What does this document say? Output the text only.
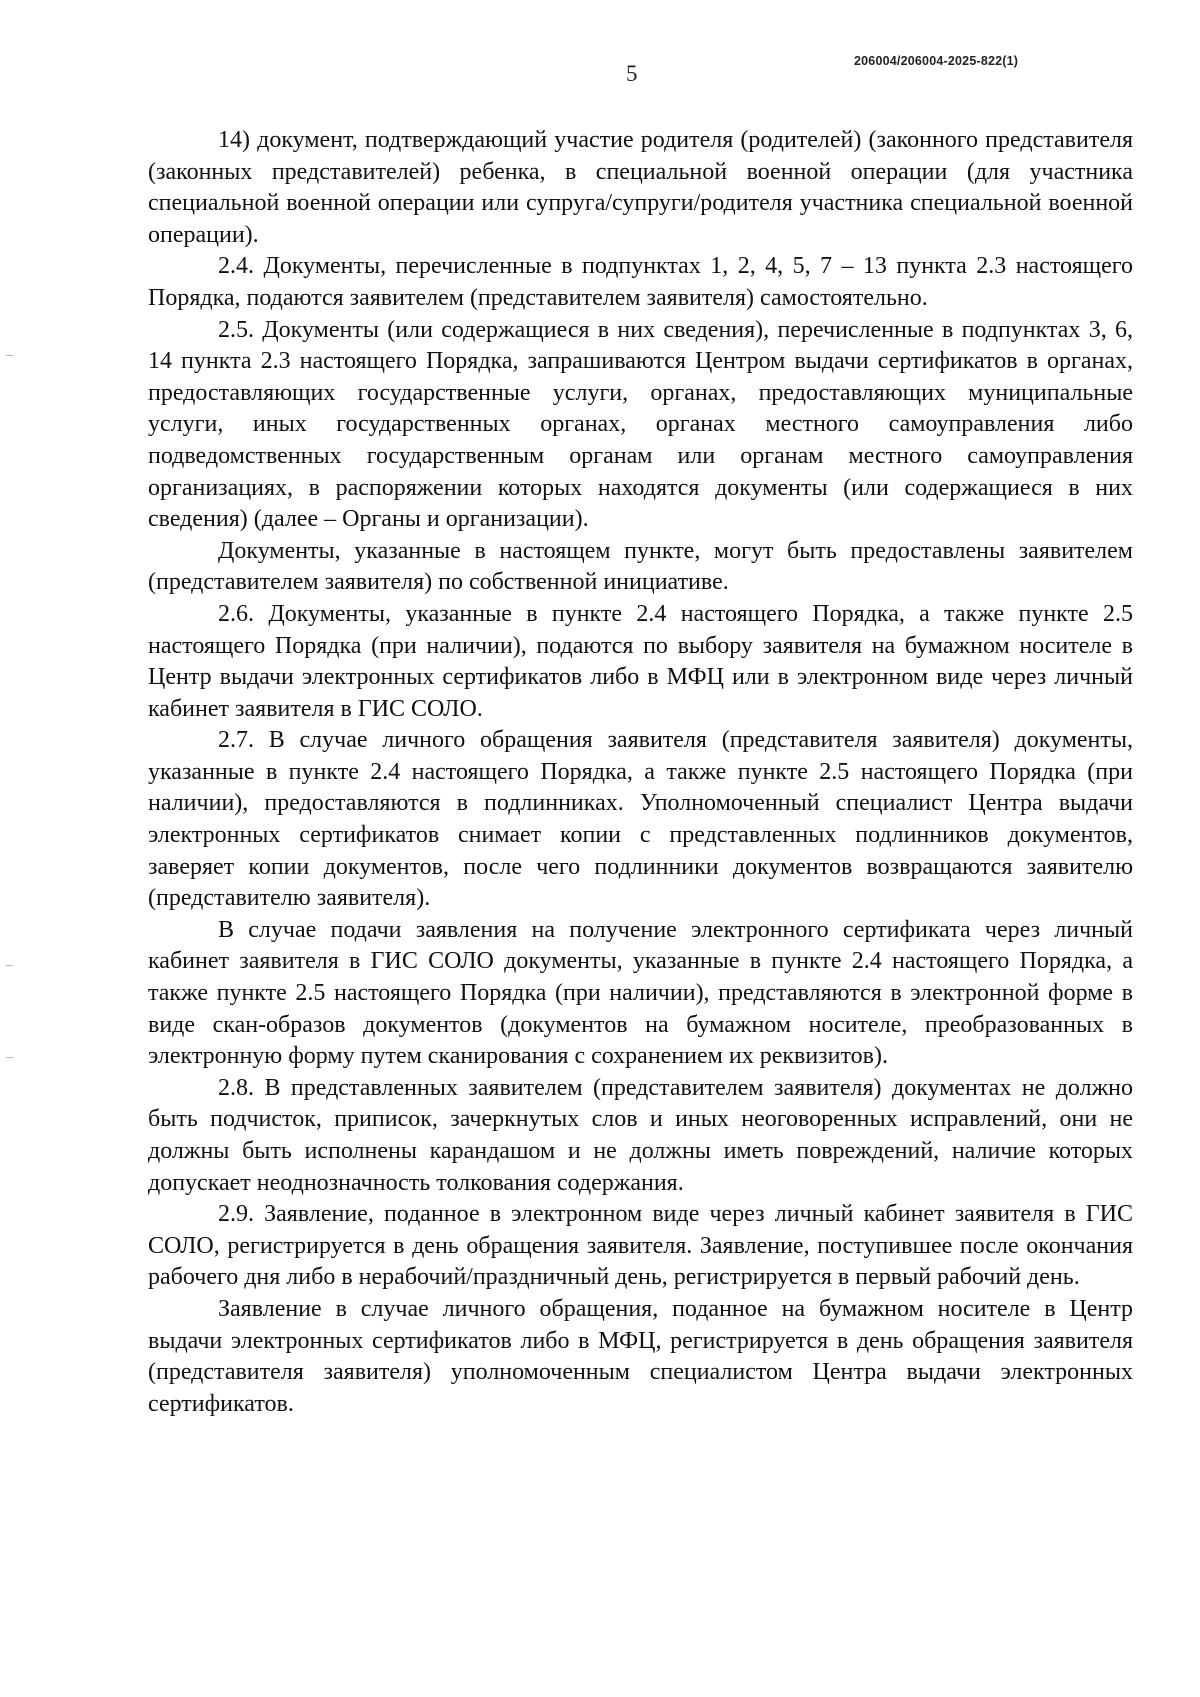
206004/206004-2025-822(1)
5

14) документ, подтверждающий участие родителя (родителей) (законного представителя (законных представителей) ребенка, в специальной военной операции (для участника специальной военной операции или супруга/супруги/родителя участника специальной военной операции).

2.4. Документы, перечисленные в подпунктах 1, 2, 4, 5, 7 – 13 пункта 2.3 настоящего Порядка, подаются заявителем (представителем заявителя) самостоятельно.

2.5. Документы (или содержащиеся в них сведения), перечисленные в подпунктах 3, 6, 14 пункта 2.3 настоящего Порядка, запрашиваются Центром выдачи сертификатов в органах, предоставляющих государственные услуги, органах, предоставляющих муниципальные услуги, иных государственных органах, органах местного самоуправления либо подведомственных государственным органам или органам местного самоуправления организациях, в распоряжении которых находятся документы (или содержащиеся в них сведения) (далее – Органы и организации).

Документы, указанные в настоящем пункте, могут быть предоставлены заявителем (представителем заявителя) по собственной инициативе.

2.6. Документы, указанные в пункте 2.4 настоящего Порядка, а также пункте 2.5 настоящего Порядка (при наличии), подаются по выбору заявителя на бумажном носителе в Центр выдачи электронных сертификатов либо в МФЦ или в электронном виде через личный кабинет заявителя в ГИС СОЛО.

2.7. В случае личного обращения заявителя (представителя заявителя) документы, указанные в пункте 2.4 настоящего Порядка, а также пункте 2.5 настоящего Порядка (при наличии), предоставляются в подлинниках. Уполномоченный специалист Центра выдачи электронных сертификатов снимает копии с представленных подлинников документов, заверяет копии документов, после чего подлинники документов возвращаются заявителю (представителю заявителя).

В случае подачи заявления на получение электронного сертификата через личный кабинет заявителя в ГИС СОЛО документы, указанные в пункте 2.4 настоящего Порядка, а также пункте 2.5 настоящего Порядка (при наличии), представляются в электронной форме в виде скан-образов документов (документов на бумажном носителе, преобразованных в электронную форму путем сканирования с сохранением их реквизитов).

2.8. В представленных заявителем (представителем заявителя) документах не должно быть подчисток, приписок, зачеркнутых слов и иных неоговоренных исправлений, они не должны быть исполнены карандашом и не должны иметь повреждений, наличие которых допускает неоднозначность толкования содержания.

2.9. Заявление, поданное в электронном виде через личный кабинет заявителя в ГИС СОЛО, регистрируется в день обращения заявителя. Заявление, поступившее после окончания рабочего дня либо в нерабочий/праздничный день, регистрируется в первый рабочий день.

Заявление в случае личного обращения, поданное на бумажном носителе в Центр выдачи электронных сертификатов либо в МФЦ, регистрируется в день обращения заявителя (представителя заявителя) уполномоченным специалистом Центра выдачи электронных сертификатов.
